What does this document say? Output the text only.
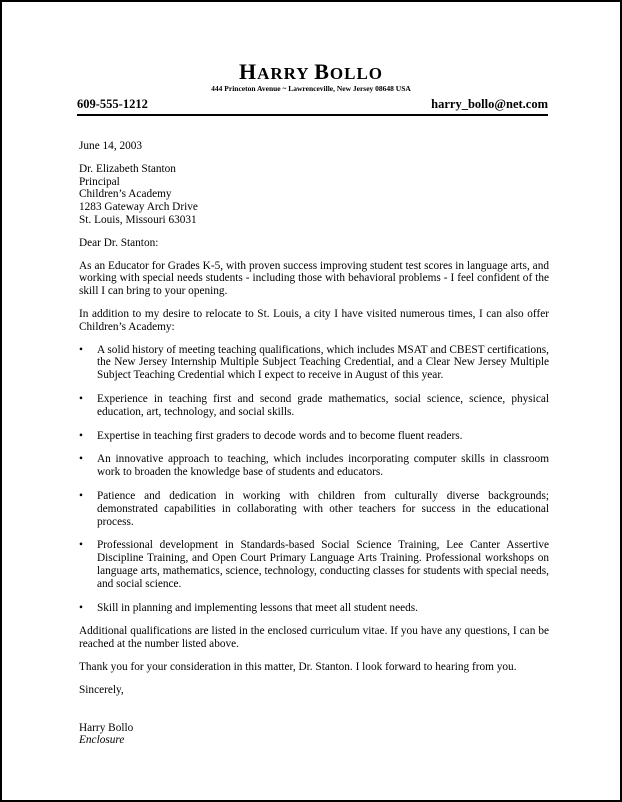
HARRY BOLLO
444 Princeton Avenue ~ Lawrenceville, New Jersey 08648 USA
609-555-1212	harry_bollo@net.com

June 14, 2003

Dr. Elizabeth Stanton
Principal
Children’s Academy
1283 Gateway Arch Drive
St. Louis, Missouri 63031

Dear Dr. Stanton:

As an Educator for Grades K-5, with proven success improving student test scores in language arts, and working with special needs students - including those with behavioral problems - I feel confident of the skill I can bring to your opening.

In addition to my desire to relocate to St. Louis, a city I have visited numerous times, I can also offer Children’s Academy:

• A solid history of meeting teaching qualifications, which includes MSAT and CBEST certifications, the New Jersey Internship Multiple Subject Teaching Credential, and a Clear New Jersey Multiple Subject Teaching Credential which I expect to receive in August of this year.
• Experience in teaching first and second grade mathematics, social science, science, physical education, art, technology, and social skills.
• Expertise in teaching first graders to decode words and to become fluent readers.
• An innovative approach to teaching, which includes incorporating computer skills in classroom work to broaden the knowledge base of students and educators.
• Patience and dedication in working with children from culturally diverse backgrounds; demonstrated capabilities in collaborating with other teachers for success in the educational process.
• Professional development in Standards-based Social Science Training, Lee Canter Assertive Discipline Training, and Open Court Primary Language Arts Training. Professional workshops on language arts, mathematics, science, technology, conducting classes for students with special needs, and social science.
• Skill in planning and implementing lessons that meet all student needs.

Additional qualifications are listed in the enclosed curriculum vitae. If you have any questions, I can be reached at the number listed above.

Thank you for your consideration in this matter, Dr. Stanton. I look forward to hearing from you.

Sincerely,

Harry Bollo
Enclosure
